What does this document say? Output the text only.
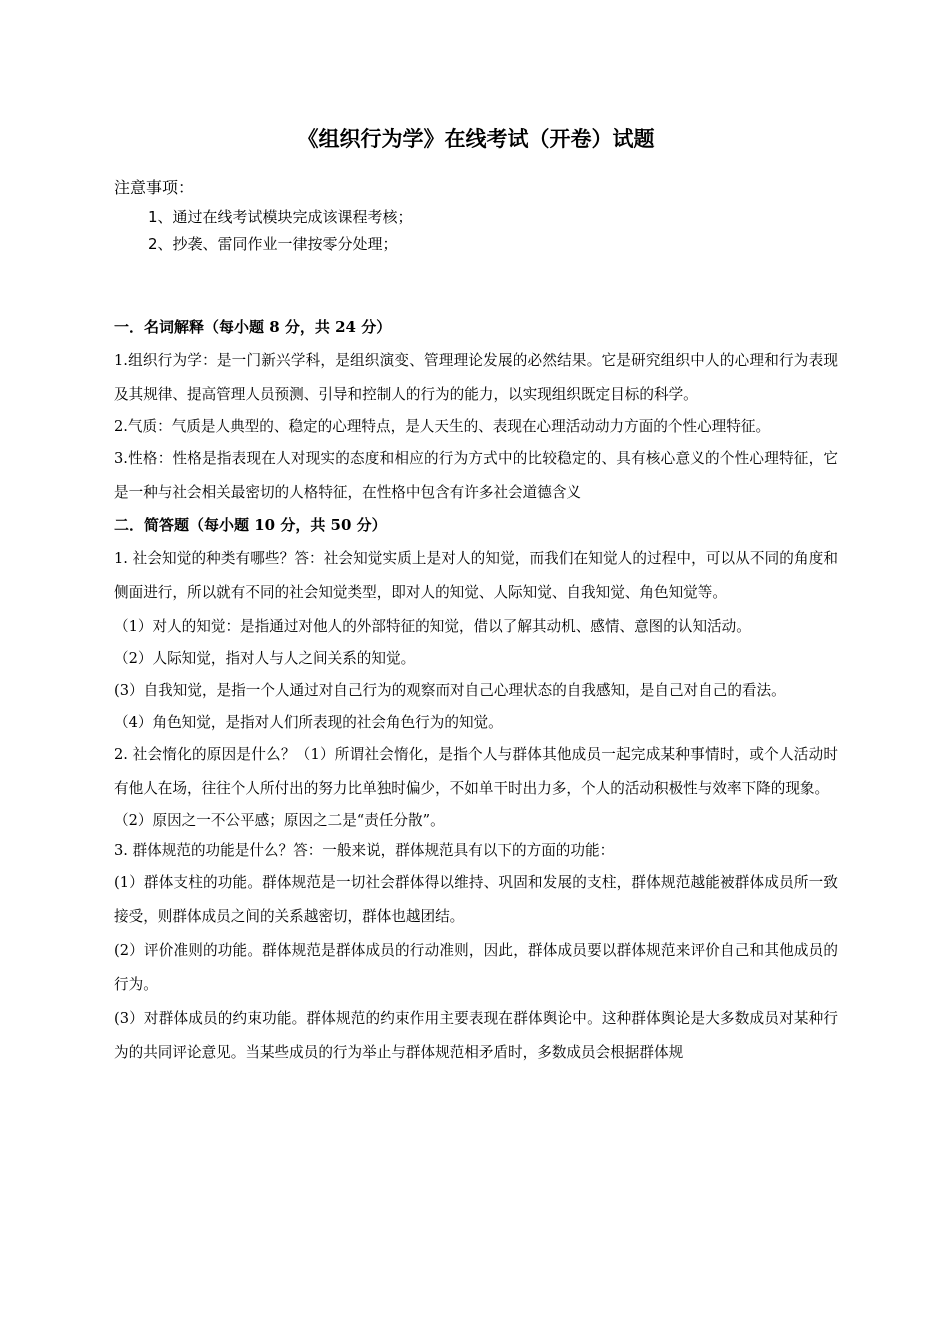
《组织行为学》在线考试（开卷）试题

注意事项：

1、通过在线考试模块完成该课程考核；

2、抄袭、雷同作业一律按零分处理；

一．名词解释（每小题 8 分，共 24 分）

1.组织行为学：是一门新兴学科，是组织演变、管理理论发展的必然结果。它是研究组织中人的心理和行为表现及其规律、提高管理人员预测、引导和控制人的行为的能力，以实现组织既定目标的科学。

2.气质：气质是人典型的、稳定的心理特点，是人天生的、表现在心理活动动力方面的个性心理特征。

3.性格：性格是指表现在人对现实的态度和相应的行为方式中的比较稳定的、具有核心意义的个性心理特征，它是一种与社会相关最密切的人格特征，在性格中包含有许多社会道德含义

二．简答题（每小题 10 分，共 50 分）

1. 社会知觉的种类有哪些？答：社会知觉实质上是对人的知觉，而我们在知觉人的过程中，可以从不同的角度和侧面进行，所以就有不同的社会知觉类型，即对人的知觉、人际知觉、自我知觉、角色知觉等。

（1）对人的知觉：是指通过对他人的外部特征的知觉，借以了解其动机、感情、意图的认知活动。

（2）人际知觉，指对人与人之间关系的知觉。

(3）自我知觉，是指一个人通过对自己行为的观察而对自己心理状态的自我感知，是自己对自己的看法。

（4）角色知觉，是指对人们所表现的社会角色行为的知觉。

2. 社会惰化的原因是什么？（1）所谓社会惰化，是指个人与群体其他成员一起完成某种事情时，或个人活动时有他人在场，往往个人所付出的努力比单独时偏少，不如单干时出力多，个人的活动积极性与效率下降的现象。

（2）原因之一不公平感；原因之二是“责任分散”。

3. 群体规范的功能是什么？答：一般来说，群体规范具有以下的方面的功能：

(1）群体支柱的功能。群体规范是一切社会群体得以维持、巩固和发展的支柱，群体规范越能被群体成员所一致接受，则群体成员之间的关系越密切，群体也越团结。

(2）评价准则的功能。群体规范是群体成员的行动准则，因此，群体成员要以群体规范来评价自己和其他成员的行为。

(3）对群体成员的约束功能。群体规范的约束作用主要表现在群体舆论中。这种群体舆论是大多数成员对某种行为的共同评论意见。当某些成员的行为举止与群体规范相矛盾时，多数成员会根据群体规
